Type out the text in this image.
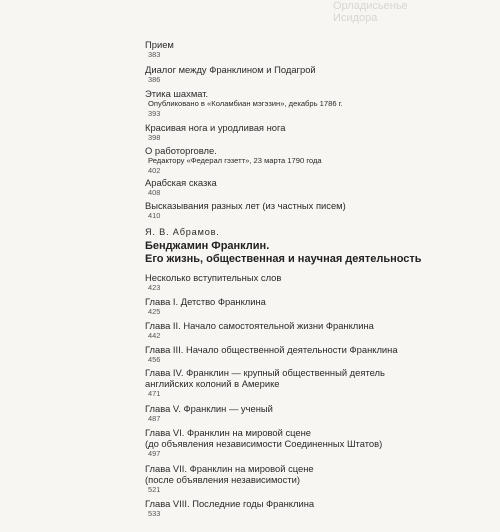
Орладисьенье
Исидора
Прием
383
Диалог между Франклином и Подагрой
386
Этика шахмат.
Опубликовано в «Коламбиан мэгэзин», декабрь 1786 г.
393
Красивая нога и уродливая нога
398
О работорговле.
Редактору «Федерал гэзетт», 23 марта 1790 года
402
Арабская сказка
408
Высказывания разных лет (из частных писем)
410
Я. В. Абрамов.
Бенджамин Франклин.
Его жизнь, общественная и научная деятельность
Несколько вступительных слов
423
Глава I. Детство Франклина
425
Глава II. Начало самостоятельной жизни Франклина
442
Глава III. Начало общественной деятельности Франклина
456
Глава IV. Франклин — крупный общественный деятель
английских колоний в Америке
471
Глава V. Франклин — ученый
487
Глава VI. Франклин на мировой сцене
(до объявления независимости Соединенных Штатов)
497
Глава VII. Франклин на мировой сцене
(после объявления независимости)
521
Глава VIII. Последние годы Франклина
533
